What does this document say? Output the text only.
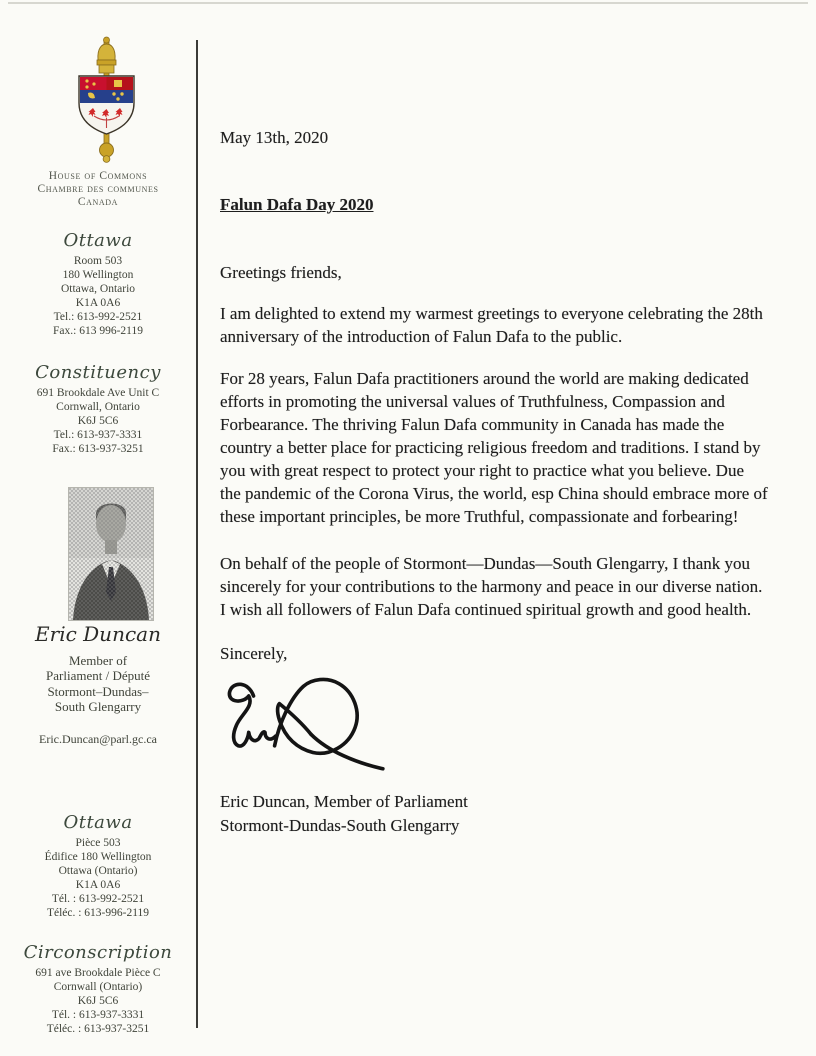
House of Commons
Chambre des communes
Canada
Ottawa
Room 503
180 Wellington
Ottawa, Ontario
K1A 0A6
Tel.: 613-992-2521
Fax.: 613 996-2119
Constituency
691 Brookdale Ave Unit C
Cornwall, Ontario
K6J 5C6
Tel.: 613-937-3331
Fax.: 613-937-3251
Eric Duncan
Member of
Parliament / Député
Stormont–Dundas–
South Glengarry
Eric.Duncan@parl.gc.ca
Ottawa
Pièce 503
Édifice 180 Wellington
Ottawa (Ontario)
K1A 0A6
Tél. : 613-992-2521
Téléc. : 613-996-2119
Circonscription
691 ave Brookdale Pièce C
Cornwall (Ontario)
K6J 5C6
Tél. : 613-937-3331
Téléc. : 613-937-3251
May 13th, 2020
Falun Dafa Day 2020
Greetings friends,

I am delighted to extend my warmest greetings to everyone celebrating the 28th anniversary of the introduction of Falun Dafa to the public.

For 28 years, Falun Dafa practitioners around the world are making dedicated efforts in promoting the universal values of Truthfulness, Compassion and Forbearance. The thriving Falun Dafa community in Canada has made the country a better place for practicing religious freedom and traditions. I stand by you with great respect to protect your right to practice what you believe. Due the pandemic of the Corona Virus, the world, esp China should embrace more of these important principles, be more Truthful, compassionate and forbearing!

On behalf of the people of Stormont—Dundas—South Glengarry, I thank you sincerely for your contributions to the harmony and peace in our diverse nation. I wish all followers of Falun Dafa continued spiritual growth and good health.

Sincerely,
Eric Duncan, Member of Parliament
Stormont-Dundas-South Glengarry
